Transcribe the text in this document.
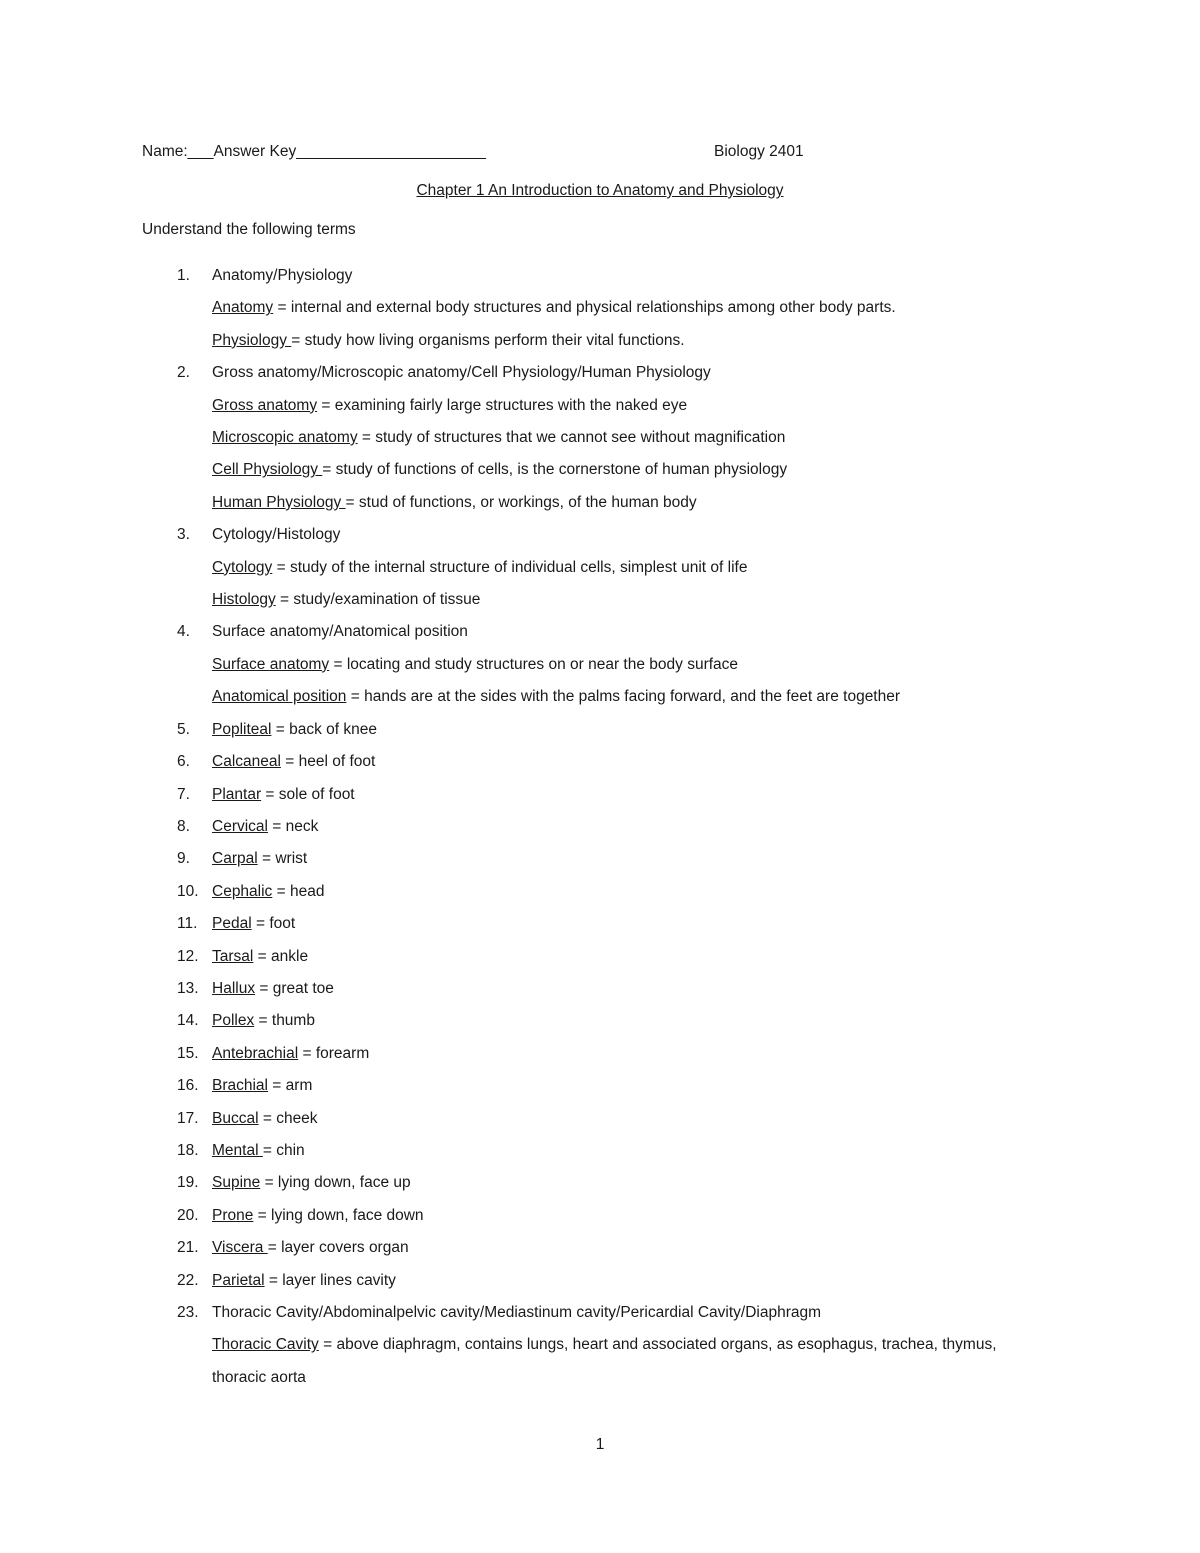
Name:___Answer Key______________________	Biology 2401
Chapter 1 An Introduction to Anatomy and Physiology
Understand the following terms
1. Anatomy/Physiology
Anatomy = internal and external body structures and physical relationships among other body parts.
Physiology = study how living organisms perform their vital functions.
2. Gross anatomy/Microscopic anatomy/Cell Physiology/Human Physiology
Gross anatomy = examining fairly large structures with the naked eye
Microscopic anatomy = study of structures that we cannot see without magnification
Cell Physiology = study of functions of cells, is the cornerstone of human physiology
Human Physiology = stud of functions, or workings, of the human body
3. Cytology/Histology
Cytology = study of the internal structure of individual cells, simplest unit of life
Histology = study/examination of tissue
4. Surface anatomy/Anatomical position
Surface anatomy = locating and study structures on or near the body surface
Anatomical position = hands are at the sides with the palms facing forward, and the feet are together
5. Popliteal = back of knee
6. Calcaneal = heel of foot
7. Plantar = sole of foot
8. Cervical = neck
9. Carpal = wrist
10. Cephalic = head
11. Pedal = foot
12. Tarsal = ankle
13. Hallux = great toe
14. Pollex = thumb
15. Antebrachial = forearm
16. Brachial = arm
17. Buccal = cheek
18. Mental = chin
19. Supine = lying down, face up
20. Prone = lying down, face down
21. Viscera = layer covers organ
22. Parietal = layer lines cavity
23. Thoracic Cavity/Abdominalpelvic cavity/Mediastinum cavity/Pericardial Cavity/Diaphragm
Thoracic Cavity = above diaphragm, contains lungs, heart and associated organs, as esophagus, trachea, thymus,
thoracic aorta
1
